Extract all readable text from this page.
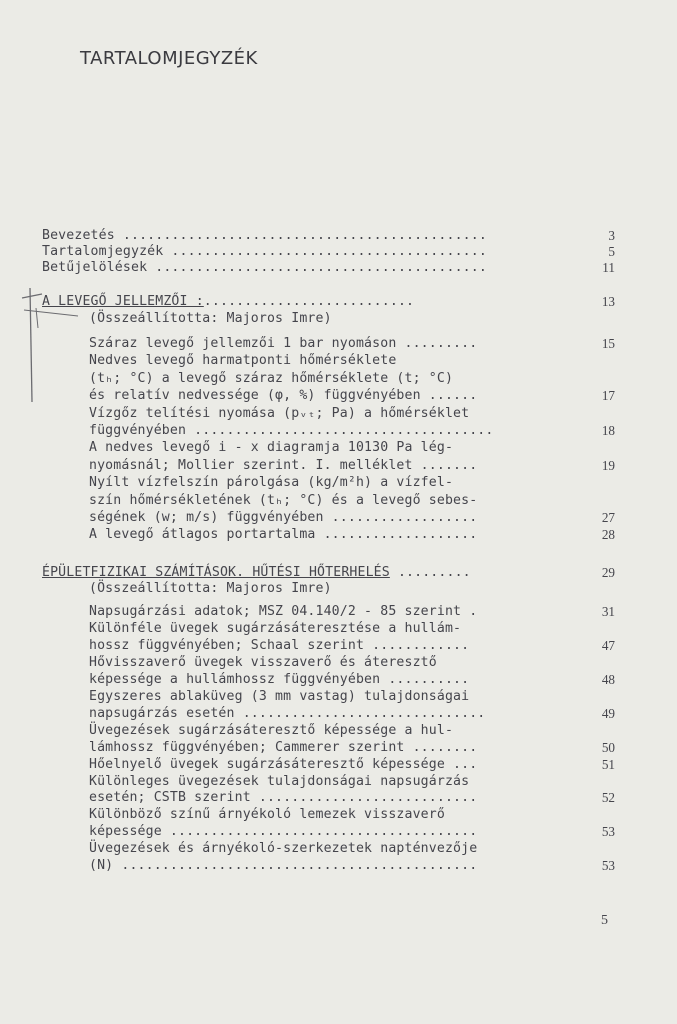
TARTALOMJEGYZÉK
Bevezetés .............................................	3
Tartalomjegyzék .......................................	5
Betűjelölések .........................................	11
A LEVEGŐ JELLEMZŐI :..........................	13
(Összeállította: Majoros Imre)
Száraz levegő jellemzői 1 bar nyomáson .........	15
Nedves levegő harmatponti hőmérséklete
(tₕ; °C) a levegő száraz hőmérséklete (t; °C)
és relatív nedvessége (φ, %) függvényében ......	17
Vízgőz telítési nyomása (pᵥₜ; Pa) a hőmérséklet
függvényében .....................................	18
A nedves levegő i - x diagramja 10130 Pa lég-
nyomásnál; Mollier szerint. I. melléklet .......	19
Nyílt vízfelszín párolgása (kg/m²h) a vízfel-
szín hőmérsékletének (tₕ; °C) és a levegő sebes-
ségének (w; m/s) függvényében ..................	27
A levegő átlagos portartalma ...................	28
ÉPÜLETFIZIKAI SZÁMÍTÁSOK. HŰTÉSI HŐTERHELÉS .........	29
(Összeállította: Majoros Imre)
Napsugárzási adatok; MSZ 04.140/2 - 85 szerint .	31
Különféle üvegek sugárzásáteresztése a hullám-
hossz függvényében; Schaal szerint ............	47
Hővisszaverő üvegek visszaverő és áteresztő
képessége a hullámhossz függvényében ..........	48
Egyszeres ablaküveg (3 mm vastag) tulajdonságai
napsugárzás esetén ..............................	49
Üvegezések sugárzásáteresztő képessége a hul-
lámhossz függvényében; Cammerer szerint ........	50
Hőelnyelő üvegek sugárzásáteresztő képessége ...	51
Különleges üvegezések tulajdonságai napsugárzás
esetén; CSTB szerint ...........................	52
Különböző színű árnyékoló lemezek visszaverő
képessége ......................................	53
Üvegezések és árnyékoló-szerkezetek napténvezője
(N) ............................................	53
5
